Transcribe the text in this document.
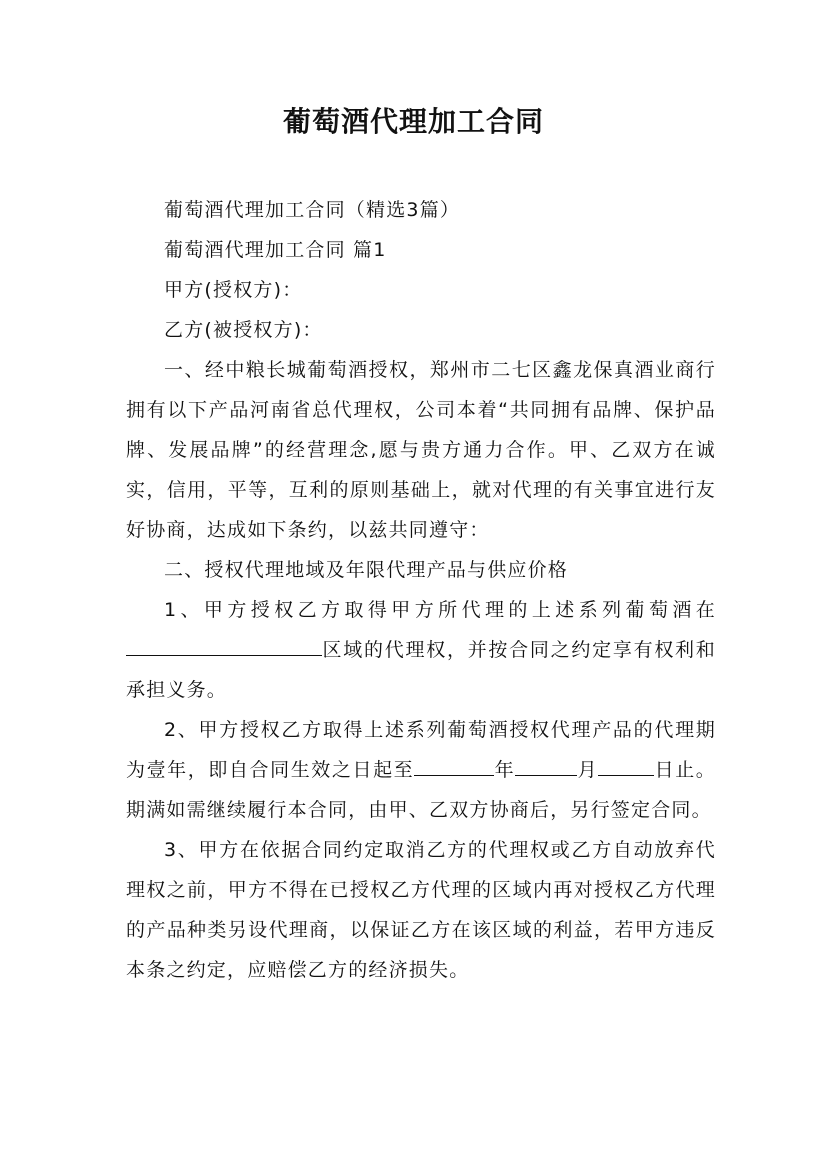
葡萄酒代理加工合同

葡萄酒代理加工合同（精选3篇）

葡萄酒代理加工合同 篇1

甲方(授权方)：

乙方(被授权方)：

一、经中粮长城葡萄酒授权，郑州市二七区鑫龙保真酒业商行拥有以下产品河南省总代理权，公司本着“共同拥有品牌、保护品牌、发展品牌”的经营理念,愿与贵方通力合作。甲、乙双方在诚实，信用，平等，互利的原则基础上，就对代理的有关事宜进行友好协商，达成如下条约，以兹共同遵守：

二、授权代理地域及年限代理产品与供应价格

1、甲方授权乙方取得甲方所代理的上述系列葡萄酒在区域的代理权，并按合同之约定享有权利和承担义务。

2、甲方授权乙方取得上述系列葡萄酒授权代理产品的代理期为壹年，即自合同生效之日起至	年	月	日止。期满如需继续履行本合同，由甲、乙双方协商后，另行签定合同。

3、甲方在依据合同约定取消乙方的代理权或乙方自动放弃代理权之前，甲方不得在已授权乙方代理的区域内再对授权乙方代理的产品种类另设代理商，以保证乙方在该区域的利益，若甲方违反本条之约定，应赔偿乙方的经济损失。
